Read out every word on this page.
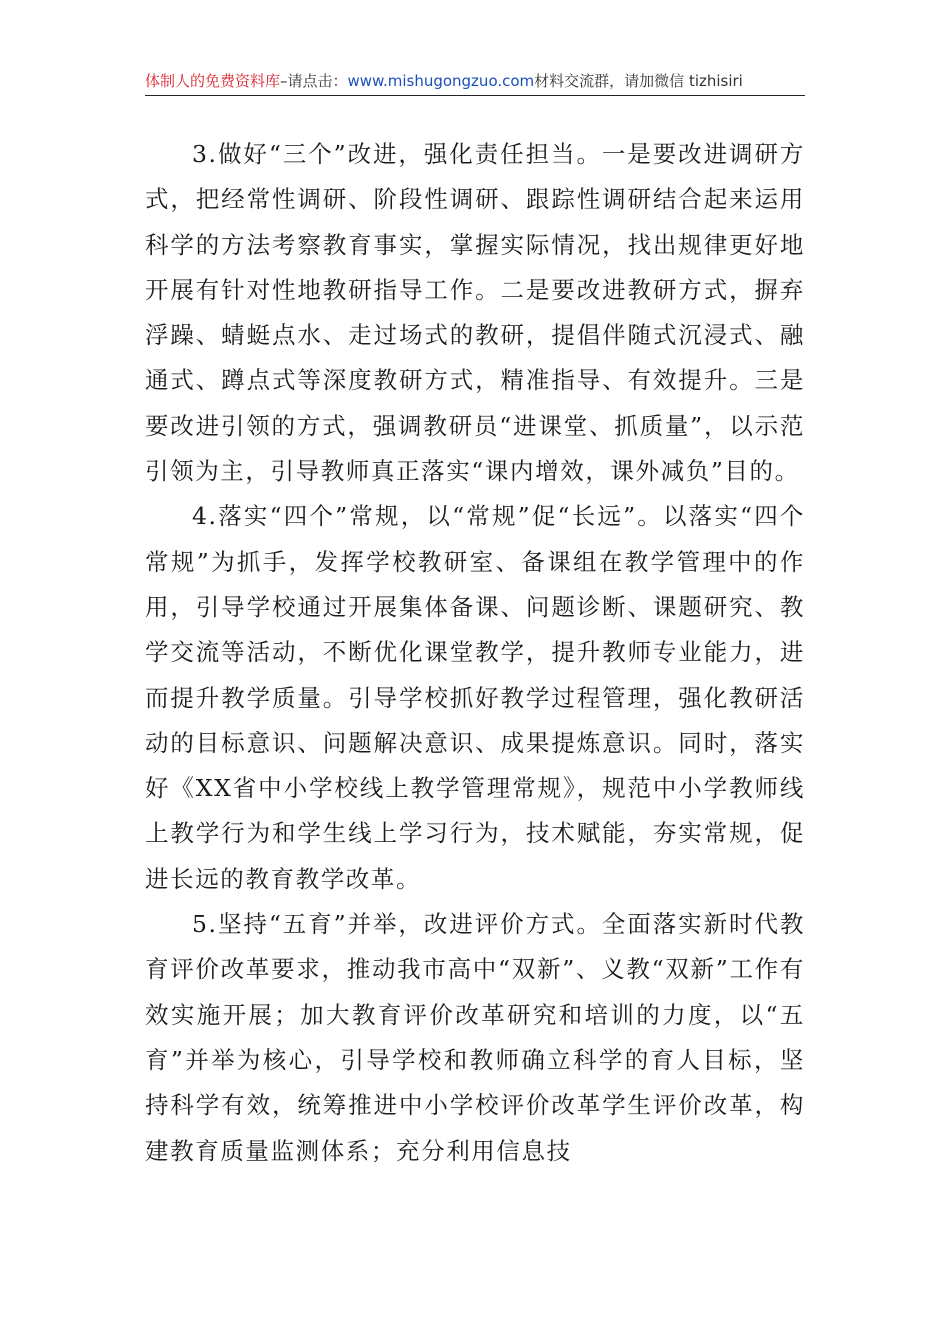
体制人的免费资料库–请点击：www.mishugongzuo.com材料交流群，请加微信 tizhisiri

3.做好“三个”改进，强化责任担当。一是要改进调研方式，把经常性调研、阶段性调研、跟踪性调研结合起来运用科学的方法考察教育事实，掌握实际情况，找出规律更好地开展有针对性地教研指导工作。二是要改进教研方式，摒弃浮躁、蜻蜓点水、走过场式的教研，提倡伴随式沉浸式、融通式、蹲点式等深度教研方式，精准指导、有效提升。三是要改进引领的方式，强调教研员“进课堂、抓质量”，以示范引领为主，引导教师真正落实“课内增效，课外减负”目的。

4.落实“四个”常规，以“常规”促“长远”。以落实“四个常规”为抓手，发挥学校教研室、备课组在教学管理中的作用，引导学校通过开展集体备课、问题诊断、课题研究、教学交流等活动，不断优化课堂教学，提升教师专业能力，进而提升教学质量。引导学校抓好教学过程管理，强化教研活动的目标意识、问题解决意识、成果提炼意识。同时，落实好《XX省中小学校线上教学管理常规》，规范中小学教师线上教学行为和学生线上学习行为，技术赋能，夯实常规，促进长远的教育教学改革。

5.坚持“五育”并举，改进评价方式。全面落实新时代教育评价改革要求，推动我市高中“双新”、义教“双新”工作有效实施开展；加大教育评价改革研究和培训的力度，以“五育”并举为核心，引导学校和教师确立科学的育人目标，坚持科学有效，统筹推进中小学校评价改革学生评价改革，构建教育质量监测体系；充分利用信息技
